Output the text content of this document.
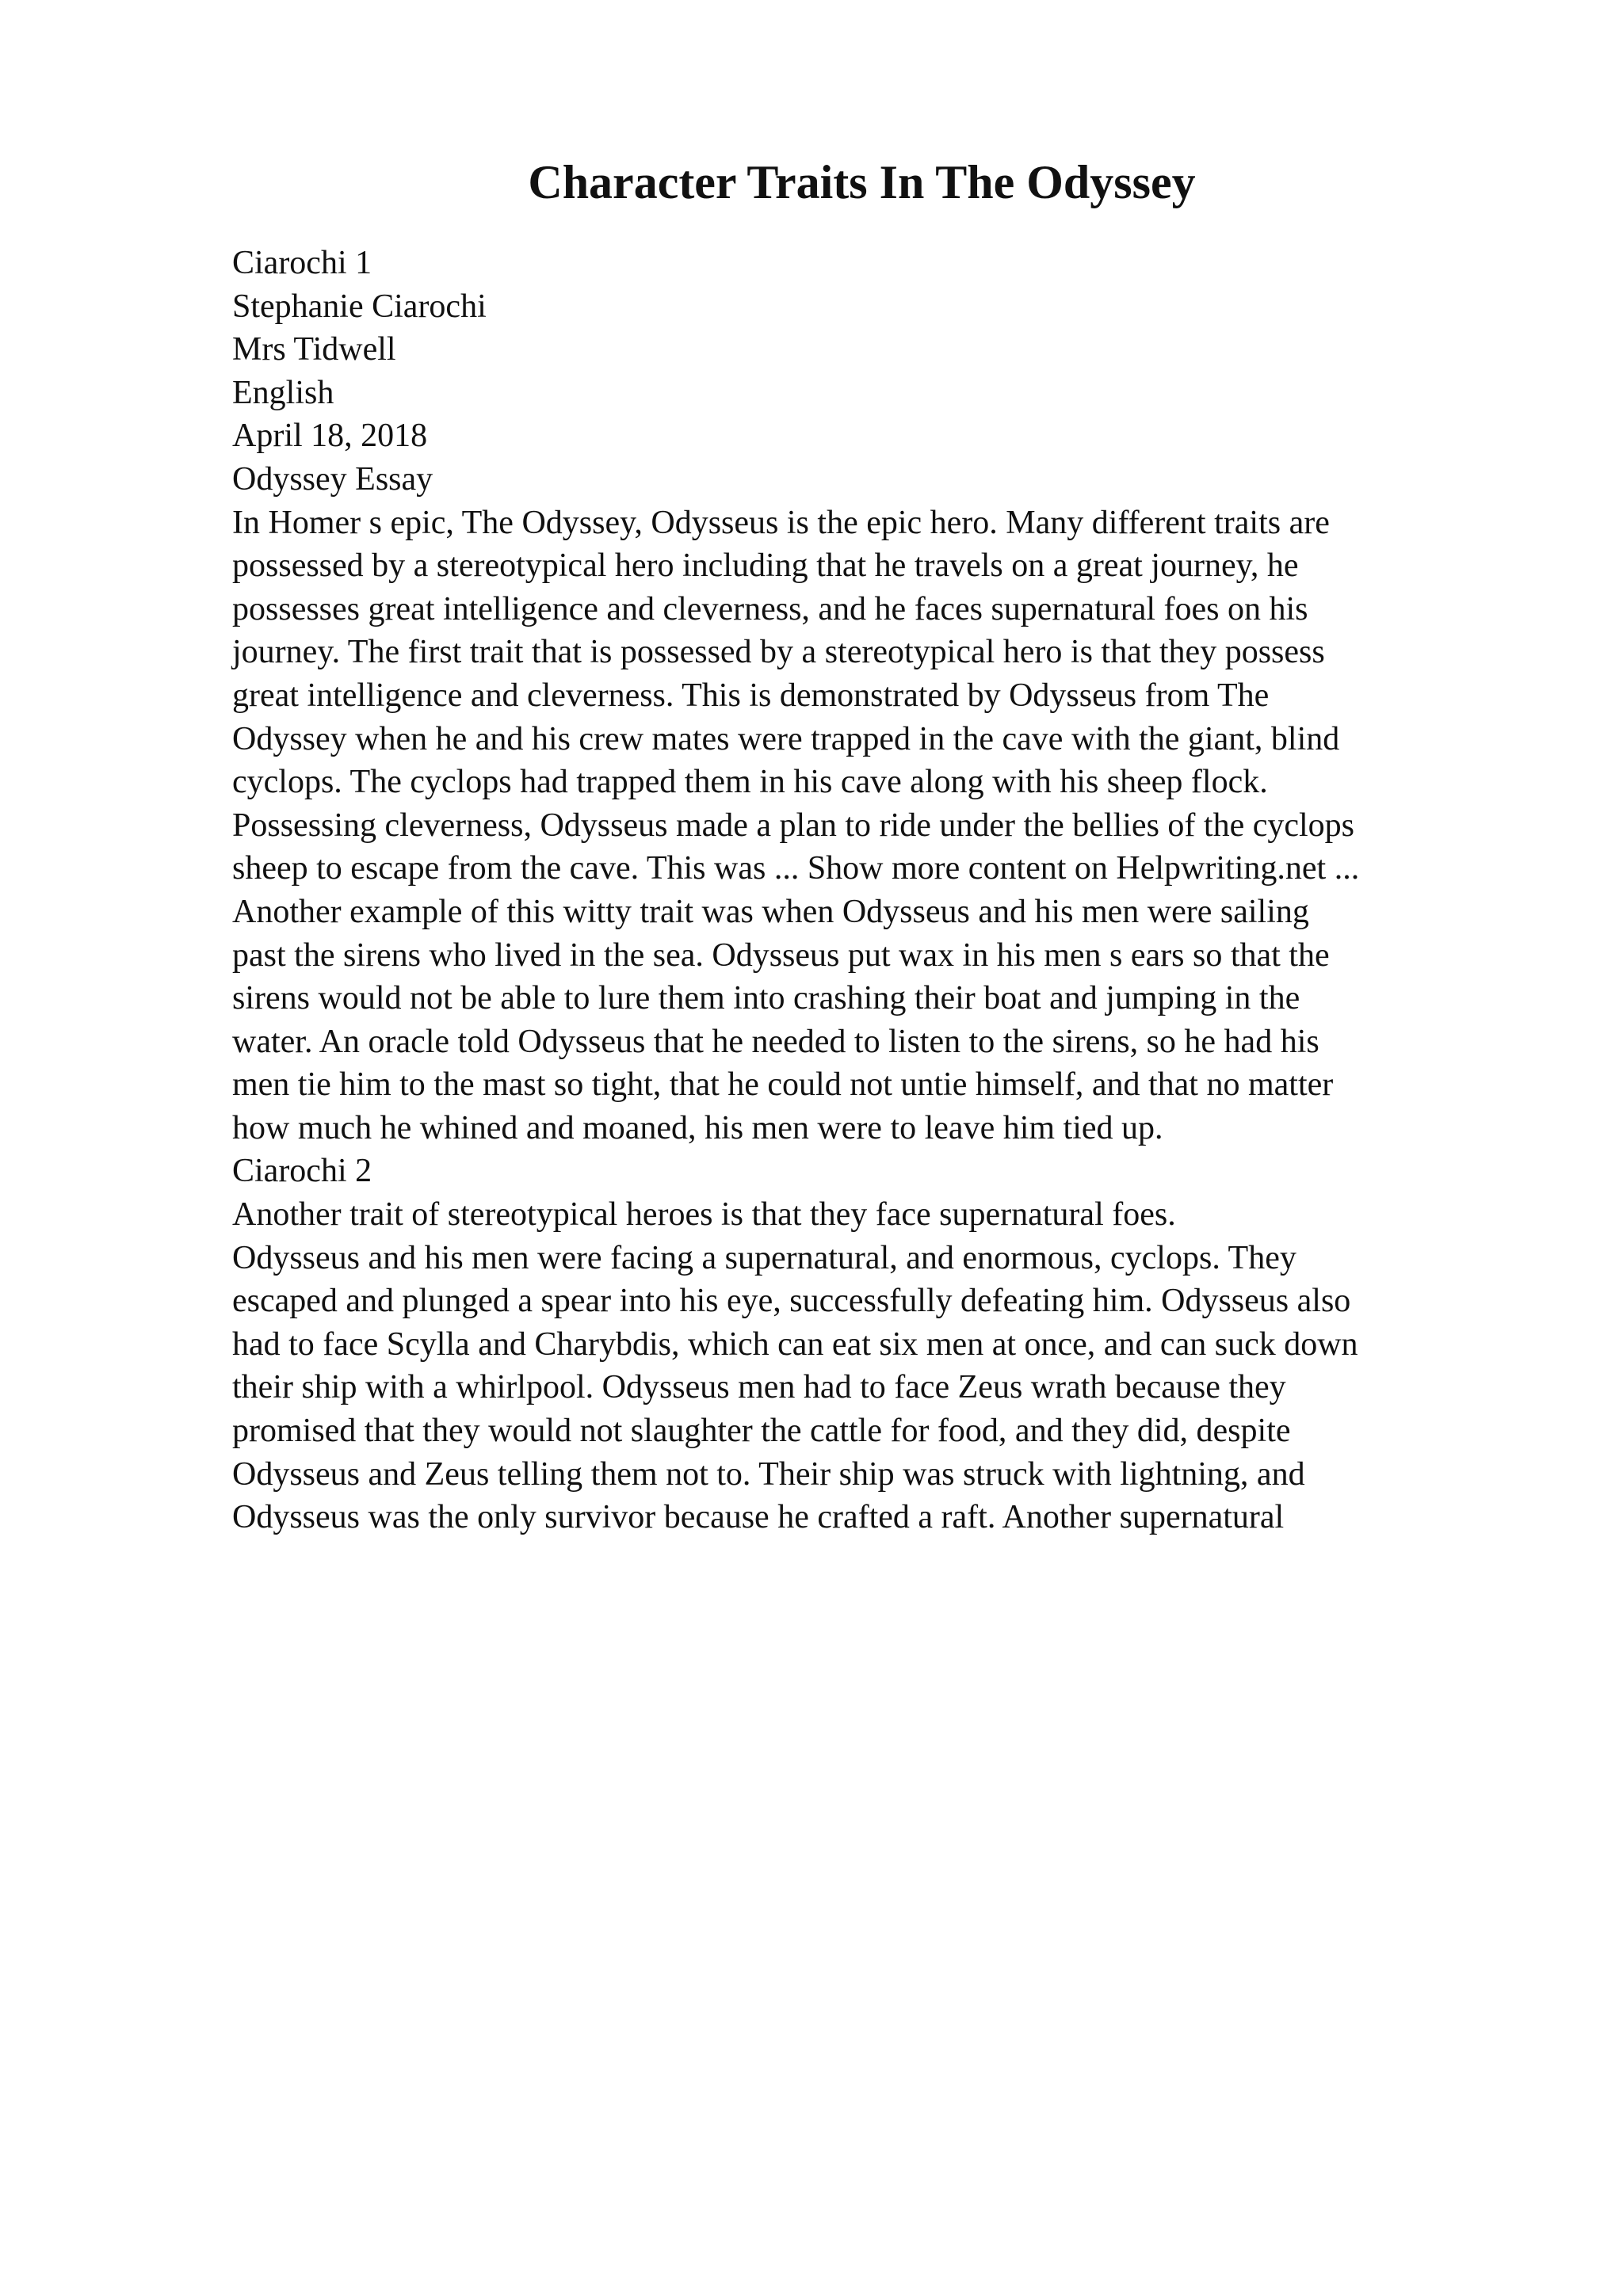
Character Traits In The Odyssey
Ciarochi 1
Stephanie Ciarochi
Mrs Tidwell
English
April 18, 2018
Odyssey Essay
In Homer s epic, The Odyssey, Odysseus is the epic hero. Many different traits are
possessed by a stereotypical hero including that he travels on a great journey, he
possesses great intelligence and cleverness, and he faces supernatural foes on his
journey. The first trait that is possessed by a stereotypical hero is that they possess
great intelligence and cleverness. This is demonstrated by Odysseus from The
Odyssey when he and his crew mates were trapped in the cave with the giant, blind
cyclops. The cyclops had trapped them in his cave along with his sheep flock.
Possessing cleverness, Odysseus made a plan to ride under the bellies of the cyclops
sheep to escape from the cave. This was ... Show more content on Helpwriting.net ...
Another example of this witty trait was when Odysseus and his men were sailing
past the sirens who lived in the sea. Odysseus put wax in his men s ears so that the
sirens would not be able to lure them into crashing their boat and jumping in the
water. An oracle told Odysseus that he needed to listen to the sirens, so he had his
men tie him to the mast so tight, that he could not untie himself, and that no matter
how much he whined and moaned, his men were to leave him tied up.
Ciarochi 2
Another trait of stereotypical heroes is that they face supernatural foes.
Odysseus and his men were facing a supernatural, and enormous, cyclops. They
escaped and plunged a spear into his eye, successfully defeating him. Odysseus also
had to face Scylla and Charybdis, which can eat six men at once, and can suck down
their ship with a whirlpool. Odysseus men had to face Zeus wrath because they
promised that they would not slaughter the cattle for food, and they did, despite
Odysseus and Zeus telling them not to. Their ship was struck with lightning, and
Odysseus was the only survivor because he crafted a raft. Another supernatural
